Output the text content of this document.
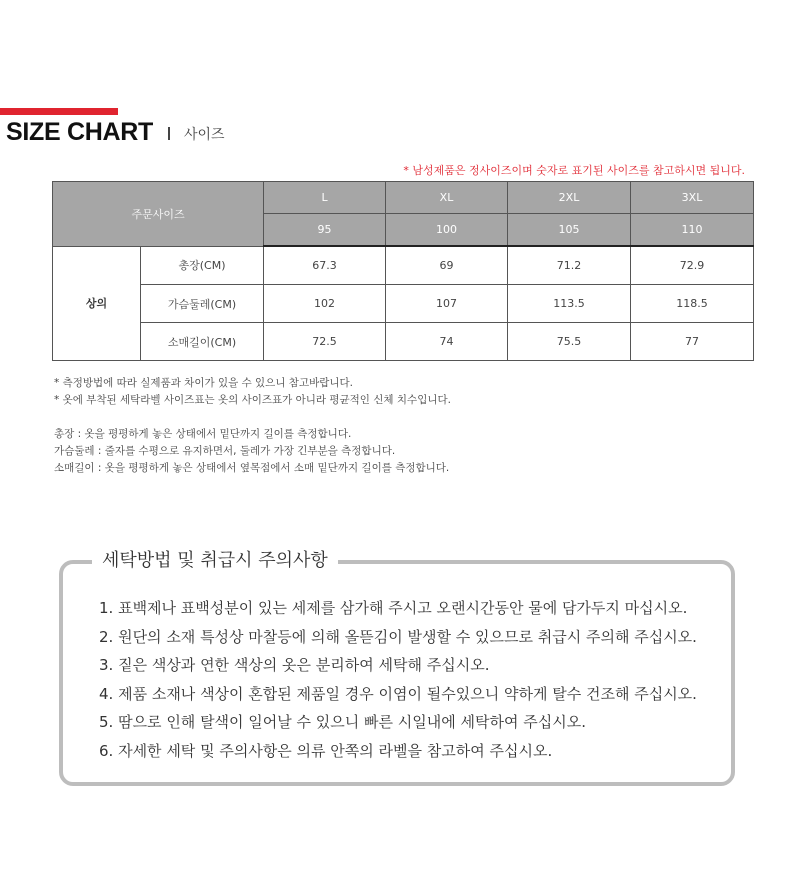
SIZE CHART 사이즈
* 남성제품은 정사이즈이며 숫자로 표기된 사이즈를 참고하시면 됩니다.
주문사이즈		L	XL	2XL	3XL
		95	100	105	110
상의	총장(CM)	67.3	69	71.2	72.9
	가슴둘레(CM)	102	107	113.5	118.5
	소매길이(CM)	72.5	74	75.5	77
* 측정방법에 따라 실제품과 차이가 있을 수 있으니 참고바랍니다.
* 옷에 부착된 세탁라벨 사이즈표는 옷의 사이즈표가 아니라 평균적인 신체 치수입니다.
총장 : 옷을 평평하게 놓은 상태에서 밑단까지 길이를 측정합니다.
가슴둘레 : 줄자를 수평으로 유지하면서, 둘레가 가장 긴부분을 측정합니다.
소매길이 : 옷을 평평하게 놓은 상태에서 옆목점에서 소매 밑단까지 길이를 측정합니다.
세탁방법 및 취급시 주의사항
1. 표백제나 표백성분이 있는 세제를 삼가해 주시고 오랜시간동안 물에 담가두지 마십시오.
2. 원단의 소재 특성상 마찰등에 의해 올뜯김이 발생할 수 있으므로 취급시 주의해 주십시오.
3. 짙은 색상과 연한 색상의 옷은 분리하여 세탁해 주십시오.
4. 제품 소재나 색상이 혼합된 제품일 경우 이염이 될수있으니 약하게 탈수 건조해 주십시오.
5. 땀으로 인해 탈색이 일어날 수 있으니 빠른 시일내에 세탁하여 주십시오.
6. 자세한 세탁 및 주의사항은 의류 안쪽의 라벨을 참고하여 주십시오.
